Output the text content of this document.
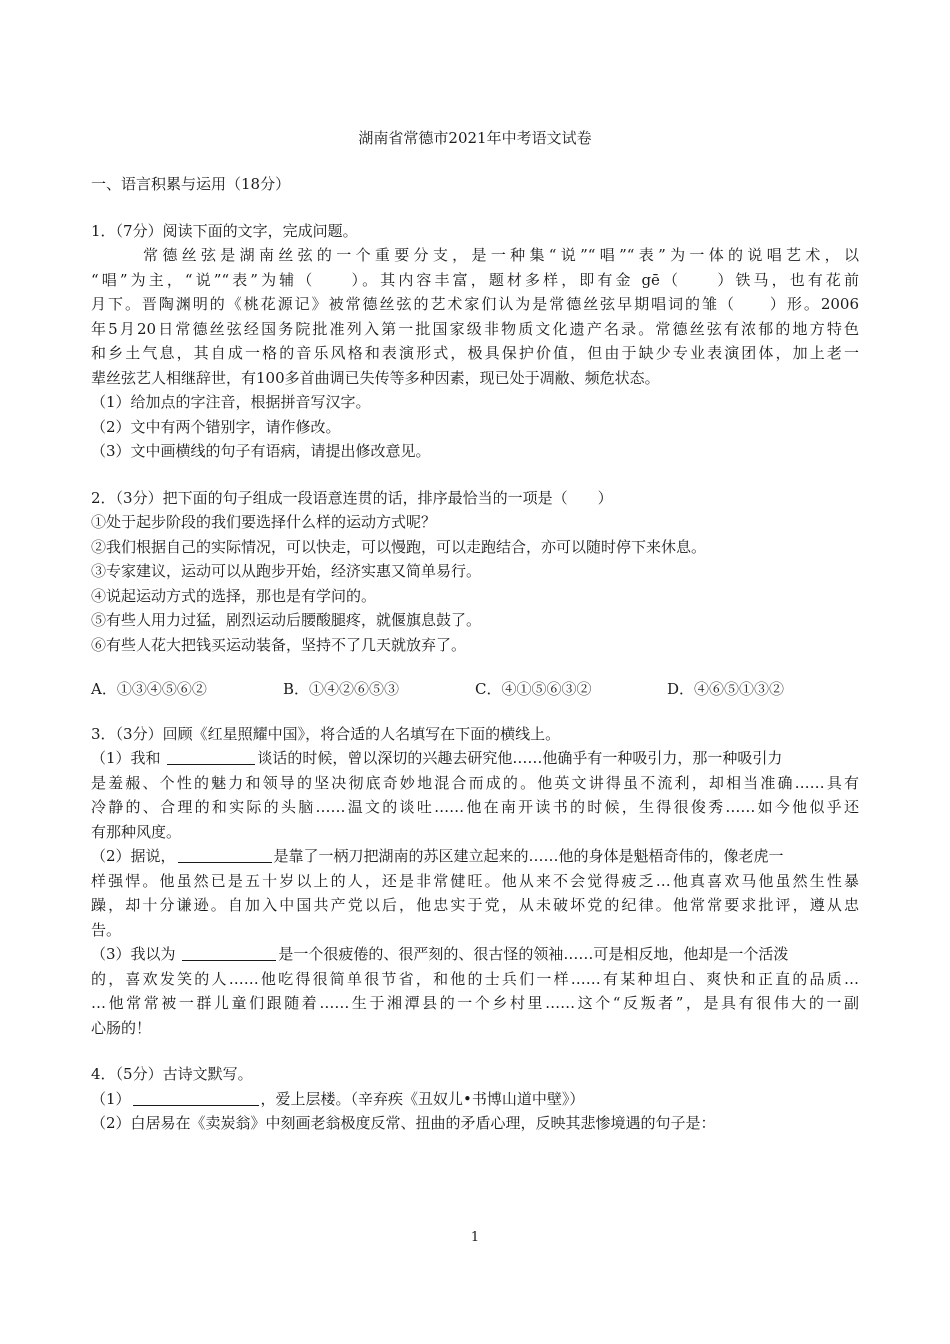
湖南省常德市2021年中考语文试卷
一、语言积累与运用（18分）
1．（7分）阅读下面的文字，完成问题。
常德丝弦是湖南丝弦的一个重要分支，是一种集“说”“唱”“表”为一体的说唱艺术，以
“唱”为主，“说”“表”为辅（　　）。其内容丰富，题材多样，即有金 gē（　　）铁马，也有花前
月下。晋陶渊明的《桃花源记》被常德丝弦的艺术家们认为是常德丝弦早期唱词的雏（　　）形。2006
年5月20日常德丝弦经国务院批准列入第一批国家级非物质文化遗产名录。常德丝弦有浓郁的地方特色
和乡土气息，其自成一格的音乐风格和表演形式，极具保护价值，但由于缺少专业表演团体，加上老一
辈丝弦艺人相继辞世，有100多首曲调已失传等多种因素，现已处于凋敝、频危状态。
（1）给加点的字注音，根据拼音写汉字。
（2）文中有两个错别字，请作修改。
（3）文中画横线的句子有语病，请提出修改意见。
2．（3分）把下面的句子组成一段语意连贯的话，排序最恰当的一项是（　　）
①处于起步阶段的我们要选择什么样的运动方式呢？
②我们根据自己的实际情况，可以快走，可以慢跑，可以走跑结合，亦可以随时停下来休息。
③专家建议，运动可以从跑步开始，经济实惠又简单易行。
④说起运动方式的选择，那也是有学问的。
⑤有些人用力过猛，剧烈运动后腰酸腿疼，就偃旗息鼓了。
⑥有些人花大把钱买运动装备，坚持不了几天就放弃了。
A．①③④⑤⑥②	B．①④②⑥⑤③	C．④①⑤⑥③②	D．④⑥⑤①③②
3．（3分）回顾《红星照耀中国》，将合适的人名填写在下面的横线上。
（1）我和	谈话的时候，曾以深切的兴趣去研究他……他确乎有一种吸引力，那一种吸引力
是羞赧、个性的魅力和领导的坚决彻底奇妙地混合而成的。他英文讲得虽不流利，却相当准确……具有
冷静的、合理的和实际的头脑……温文的谈吐……他在南开读书的时候，生得很俊秀……如今他似乎还
有那种风度。
（2）据说，	是靠了一柄刀把湖南的苏区建立起来的……他的身体是魁梧奇伟的，像老虎一
样强悍。他虽然已是五十岁以上的人，还是非常健旺。他从来不会觉得疲乏…他真喜欢马他虽然生性暴
躁，却十分谦逊。自加入中国共产党以后，他忠实于党，从未破坏党的纪律。他常常要求批评，遵从忠
告。
（3）我以为	是一个很疲倦的、很严刻的、很古怪的领袖……可是相反地，他却是一个活泼
的，喜欢发笑的人……他吃得很简单很节省，和他的士兵们一样……有某种坦白、爽快和正直的品质…
…他常常被一群儿童们跟随着……生于湘潭县的一个乡村里……这个“反叛者”，是具有很伟大的一副
心肠的！
4．（5分）古诗文默写。
（1）	，爱上层楼。（辛弃疾《丑奴儿•书博山道中壁》）
（2）白居易在《卖炭翁》中刻画老翁极度反常、扭曲的矛盾心理，反映其悲惨境遇的句子是：
1
